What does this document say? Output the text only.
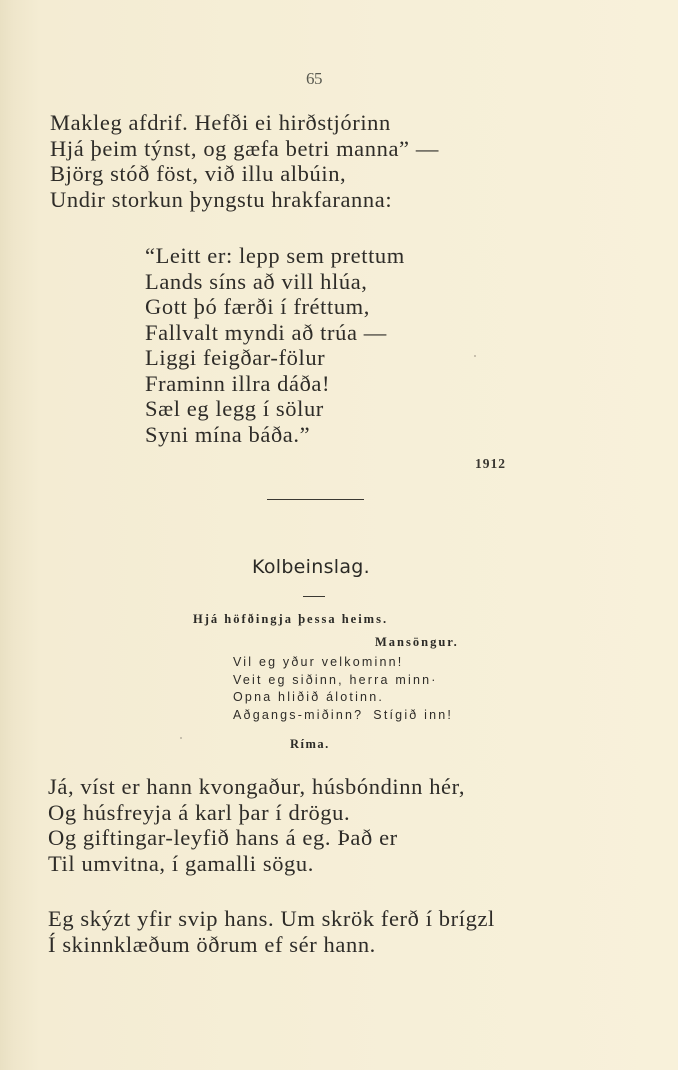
65
Makleg afdrif. Hefði ei hirðstjórinn
Hjá þeim týnst, og gæfa betri manna” —
Björg stóð föst, við illu albúin,
Undir storkun þyngstu hrakfaranna:
“Leitt er: lepp sem prettum
Lands síns að vill hlúa,
Gott þó færði í fréttum,
Fallvalt myndi að trúa —
Liggi feigðar-fölur
Framinn illra dáða!
Sæl eg legg í sölur
Syni mína báða.”
1912
Kolbeinslag.
Hjá höfðingja þessa heims.
Mansöngur.
Vil eg yður velkominn!
Veit eg siðinn, herra minn·
Opna hliðið álotinn.
Aðgangs-miðinn? Stígið inn!
Ríma.
Já, víst er hann kvongaður, húsbóndinn hér,
Og húsfreyja á karl þar í drögu.
Og giftingar-leyfið hans á eg. Það er
Til umvitna, í gamalli sögu.
Eg skýzt yfir svip hans. Um skrök ferð í brígzl
Í skinnklæðum öðrum ef sér hann.
